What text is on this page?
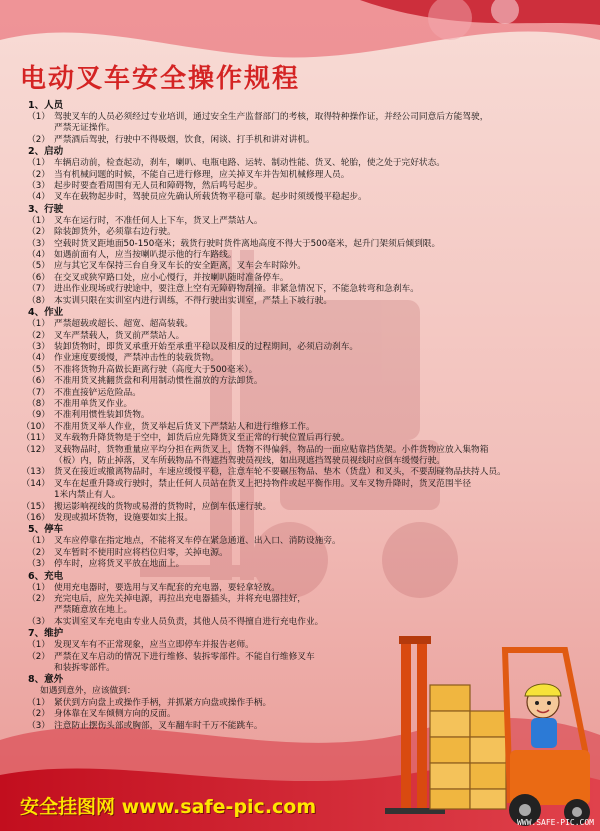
电动叉车安全操作规程
1、人员
（1） 驾驶叉车的人员必须经过专业培训，通过安全生产监督部门的考核，取得特种操作证，并经公司同意后方能驾驶，
严禁无证操作。
（2） 严禁酒后驾驶，行驶中不得吸烟，饮食，闲谈、打手机和讲对讲机。
2、启动
（1） 车辆启动前，检查起动，刹车，喇叭、电瓶电路、运转、制动性能、货叉、轮胎，使之处于完好状态。
（2） 当有机械问题的时候，不能自己进行修理，应关掉叉车并告知机械修理人员。
（3） 起步时要查看周围有无人员和障碍物，然后鸣号起步。
（4） 叉车在载物起步时，驾驶员应先确认所载货物平稳可靠。起步时须缓慢平稳起步。
3、行驶
（1） 叉车在运行时，不准任何人上下车，货叉上严禁站人。
（2） 除装卸货外，必须靠右边行驶。
（3） 空载时货叉距地面50-150毫米；载货行驶时货件离地高度不得大于500毫米，起升门架须后倾到限。
（4） 如遇前面有人，应当按喇叭提示他的行车路线。
（5） 应与其它叉车保持三台自身叉车长的安全距离，叉车会车时除外。
（6） 在交叉或狭窄路口处，应小心慢行，并按喇叭随时准备停车。
（7） 进出作业现场或行驶途中，要注意上空有无障碍物刮撞。非紧急情况下，不能急转弯和急刹车。
（8） 本实训只限在实训室内进行训练，不得行驶出实训室，严禁上下坡行驶。
4、作业
（1） 严禁超载或超长、超宽、超高装载。
（2） 叉车严禁载人，货叉前严禁站人。
（3） 装卸货物时，即货叉承重开始至承重平稳以及相反的过程期间，必须启动刹车。
（4） 作业速度要缓慢，严禁冲击性的装载货物。
（5） 不准将货物升高做长距离行驶（高度大于500毫米）。
（6） 不准用货叉挑翻货盘和利用制动惯性溜放的方法卸货。
（7） 不准直接铲运危险品。
（8） 不准用单货叉作业。
（9） 不准利用惯性装卸货物。
（10） 不准用货叉举人作业，货叉举起后货叉下严禁站人和进行维修工作。
（11） 叉车载物升降货物是于空中，卸货后应先降货叉至正常的行驶位置后再行驶。
（12） 叉载物品时，货物重量应平均分担在两货叉上，货物不得偏斜，物品的一面应贴靠挡货架。小件货物应放入集物箱
（板）内，防止掉落，叉车所载物品不得遮挡驾驶员视线，如出现遮挡驾驶员视线时应倒车缓慢行驶。
（13） 货叉在接近或撤离物品时，车速应缓慢平稳，注意车轮不要碾压物品、垫木（货盘）和叉头，不要刮碰物品扶持人员。
（14） 叉车在起重升降或行驶时，禁止任何人员站在货叉上把持物件或起平衡作用。叉车叉物升降时，货叉范围半径
1米内禁止有人。
（15） 搬运影响视线的货物或易滑的货物时，应倒车低速行驶。
（16） 发现或损坏货物，设施要如实上报。
5、停车
（1） 叉车应停靠在指定地点，不能将叉车停在紧急通道、出入口、消防设施旁。
（2） 叉车暂时不使用时应将档位归零，关掉电源。
（3） 停车时，应将货叉平放在地面上。
6、充电
（1） 使用充电器时，要选用与叉车配套的充电器，要轻拿轻放。
（2） 充完电后，应先关掉电源，再拉出充电器插头，并将充电器挂好，
严禁随意放在地上。
（3） 本实训室叉车充电由专业人员负责，其他人员不得擅自进行充电作业。
7、维护
（1） 发现叉车有不正常现象，应当立即停车并报告老师。
（2） 严禁在叉车启动的情况下进行维修、装拆零部件。不能自行维修叉车
和装拆零部件。
8、意外
如遇到意外，应该做到：
（1） 紧伏到方向盘上或操作手柄，并抓紧方向盘或操作手柄。
（2） 身体靠在叉车倾侧方向的反面。
（3） 注意防止摆伤头部或胸部，叉车翻车时千万不能跳车。
安全挂图网 www.safe-pic.com
WWW.SAFE-PIC.COM
